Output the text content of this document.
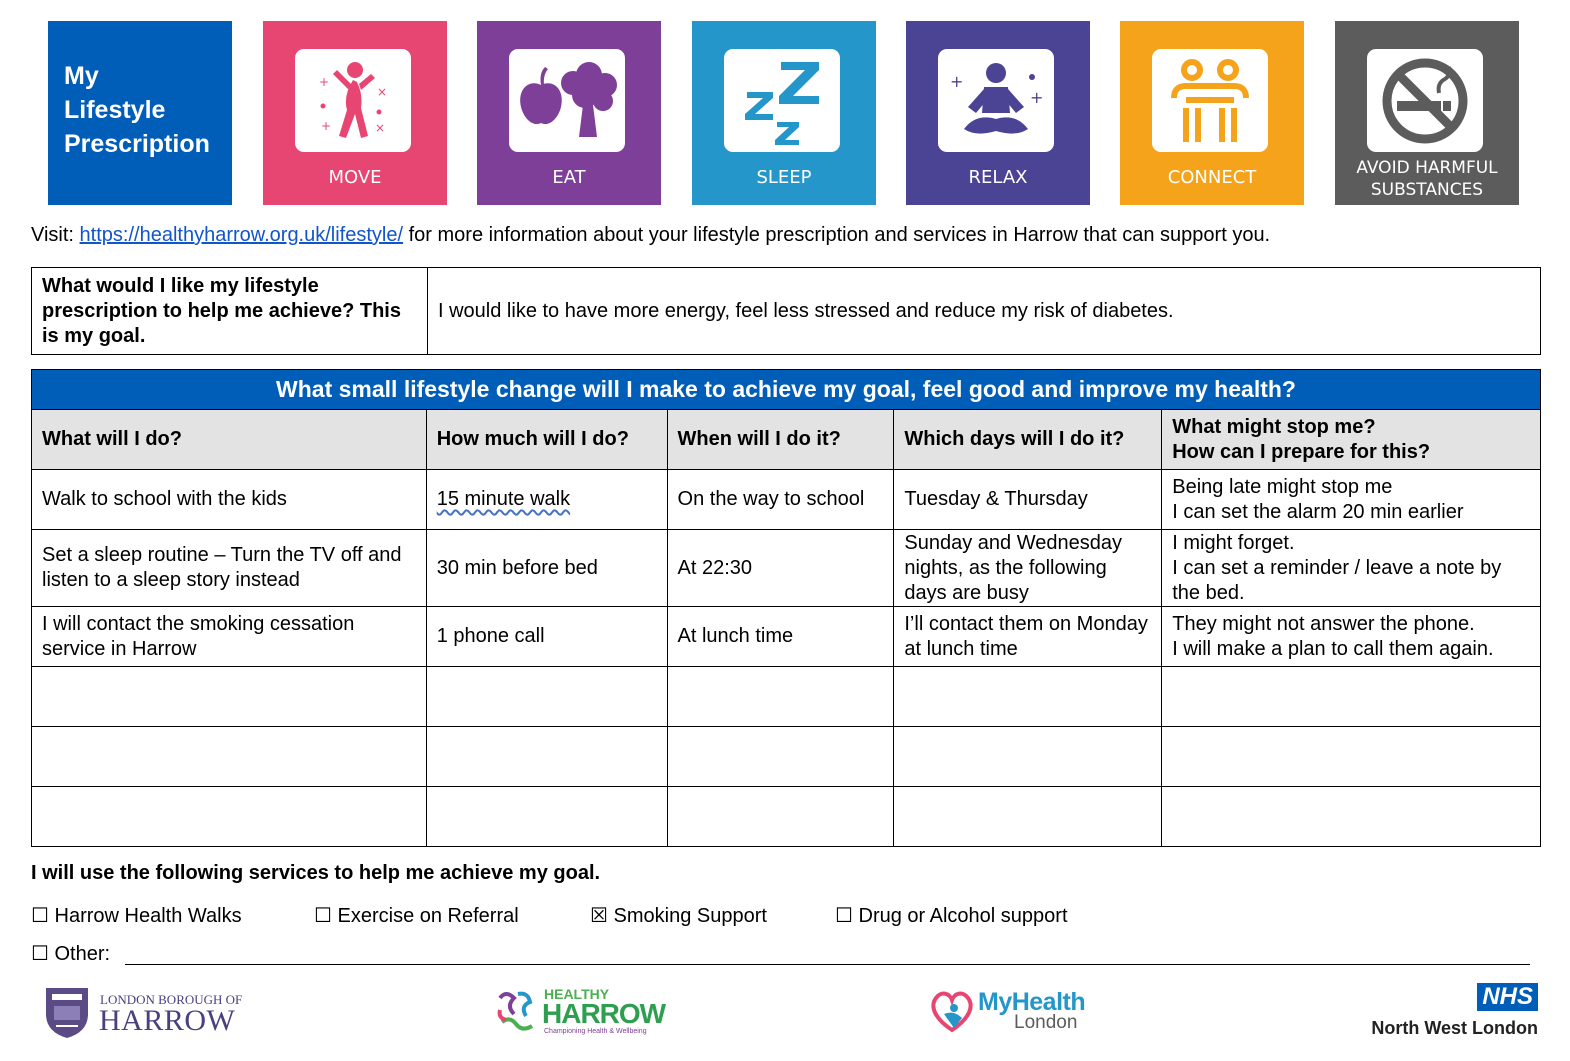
My
Lifestyle
Prescription
+
×
+	×
MOVE	EAT	SLEEP
+
+
RELAX	CONNECT	AVOID HARMFUL SUBSTANCES
Visit: https://healthyharrow.org.uk/lifestyle/ for more information about your lifestyle prescription and services in Harrow that can support you.
What would I like my lifestyle prescription to help me achieve? This is my goal.	I would like to have more energy, feel less stressed and reduce my risk of diabetes.
What small lifestyle change will I make to achieve my goal, feel good and improve my health?				
What will I do?	How much will I do?	When will I do it?	Which days will I do it?	What might stop me?
How can I prepare for this?
Walk to school with the kids	15 minute walk	On the way to school	Tuesday & Thursday	Being late might stop me
I can set the alarm 20 min earlier
Set a sleep routine – Turn the TV off and listen to a sleep story instead	30 min before bed	At 22:30	Sunday and Wednesday nights, as the following days are busy	I might forget.
I can set a reminder / leave a note by the bed.
I will contact the smoking cessation service in Harrow	1 phone call	At lunch time	I’ll contact them on Monday at lunch time	They might not answer the phone.
I will make a plan to call them again.

I will use the following services to help me achieve my goal.
☐ Harrow Health Walks	☐ Exercise on Referral	☒ Smoking Support	☐ Drug or Alcohol support
☐ Other:
LONDON BOROUGH OF
HARROW
HEALTHY
HARROW
Championing Health & Wellbeing
MyHealth
London
NHS
North West London
